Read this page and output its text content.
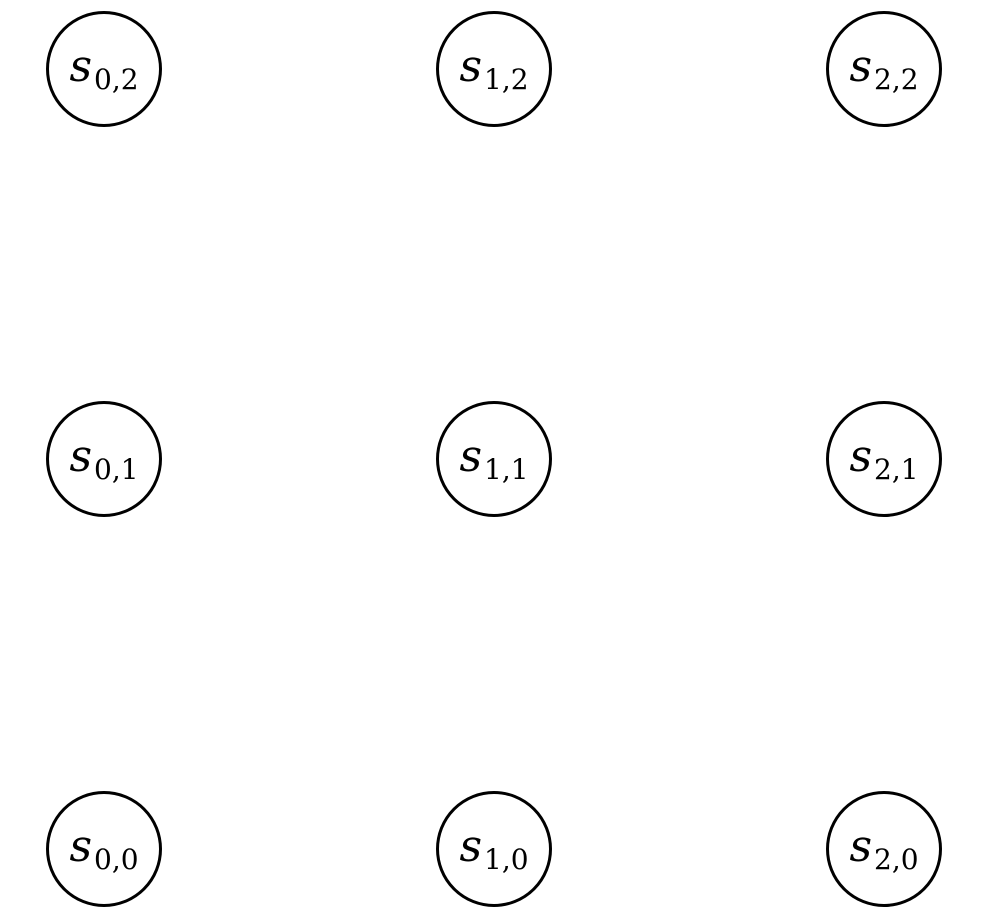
s 0,2	s 1,2	s 2,2
s 0,1	s 1,1	s 2,1
s 0,0	s 1,0	s 2,0
